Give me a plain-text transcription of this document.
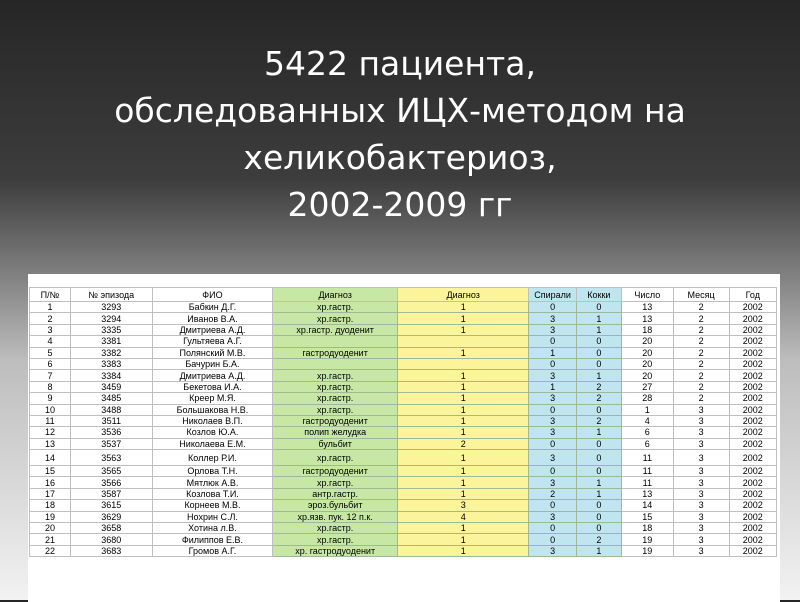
5422 пациента,
обследованных ИЦХ-методом на
хеликобактериоз,
2002-2009 гг
П/№	№ эпизода	ФИО	Диагноз	Диагноз	Спирали	Кокки	Число	Месяц	Год
1	3293	Бабкин Д.Г.	хр.гастр.	1	0	0	13	2	2002
2	3294	Иванов В.А.	хр.гастр.	1	3	1	13	2	2002
3	3335	Дмитриева А.Д.	хр.гастр. дуоденит	1	3	1	18	2	2002
4	3381	Гультяева А.Г.			0	0	20	2	2002
5	3382	Полянский М.В.	гастродуоденит	1	1	0	20	2	2002
6	3383	Бачурин Б.А.			0	0	20	2	2002
7	3384	Дмитриева А.Д.	хр.гастр.	1	3	1	20	2	2002
8	3459	Бекетова И.А.	хр.гастр.	1	1	2	27	2	2002
9	3485	Креер М.Я.	хр.гастр.	1	3	2	28	2	2002
10	3488	Большакова Н.В.	хр.гастр.	1	0	0	1	3	2002
11	3511	Николаев В.П.	гастродуоденит	1	3	2	4	3	2002
12	3536	Козлов Ю.А.	полип желудка	1	3	1	6	3	2002
13	3537	Николаева Е.М.	бульбит	2	0	0	6	3	2002
14	3563	Коллер Р.И.	хр.гастр.	1	3	0	11	3	2002
15	3565	Орлова Т.Н.	гастродуоденит	1	0	0	11	3	2002
16	3566	Мятлюк А.В.	хр.гастр.	1	3	1	11	3	2002
17	3587	Козлова Т.И.	антр.гастр.	1	2	1	13	3	2002
18	3615	Корнеев М.В.	эроз.бульбит	3	0	0	14	3	2002
19	3629	Нохрин С.Л.	хр.язв. пук. 12 п.к.	4	3	0	15	3	2002
20	3658	Хотина л.В.	хр.гастр.	1	0	0	18	3	2002
21	3680	Филиппов Е.В.	хр.гастр.	1	0	2	19	3	2002
22	3683	Громов А.Г.	хр. гастродуоденит	1	3	1	19	3	2002
